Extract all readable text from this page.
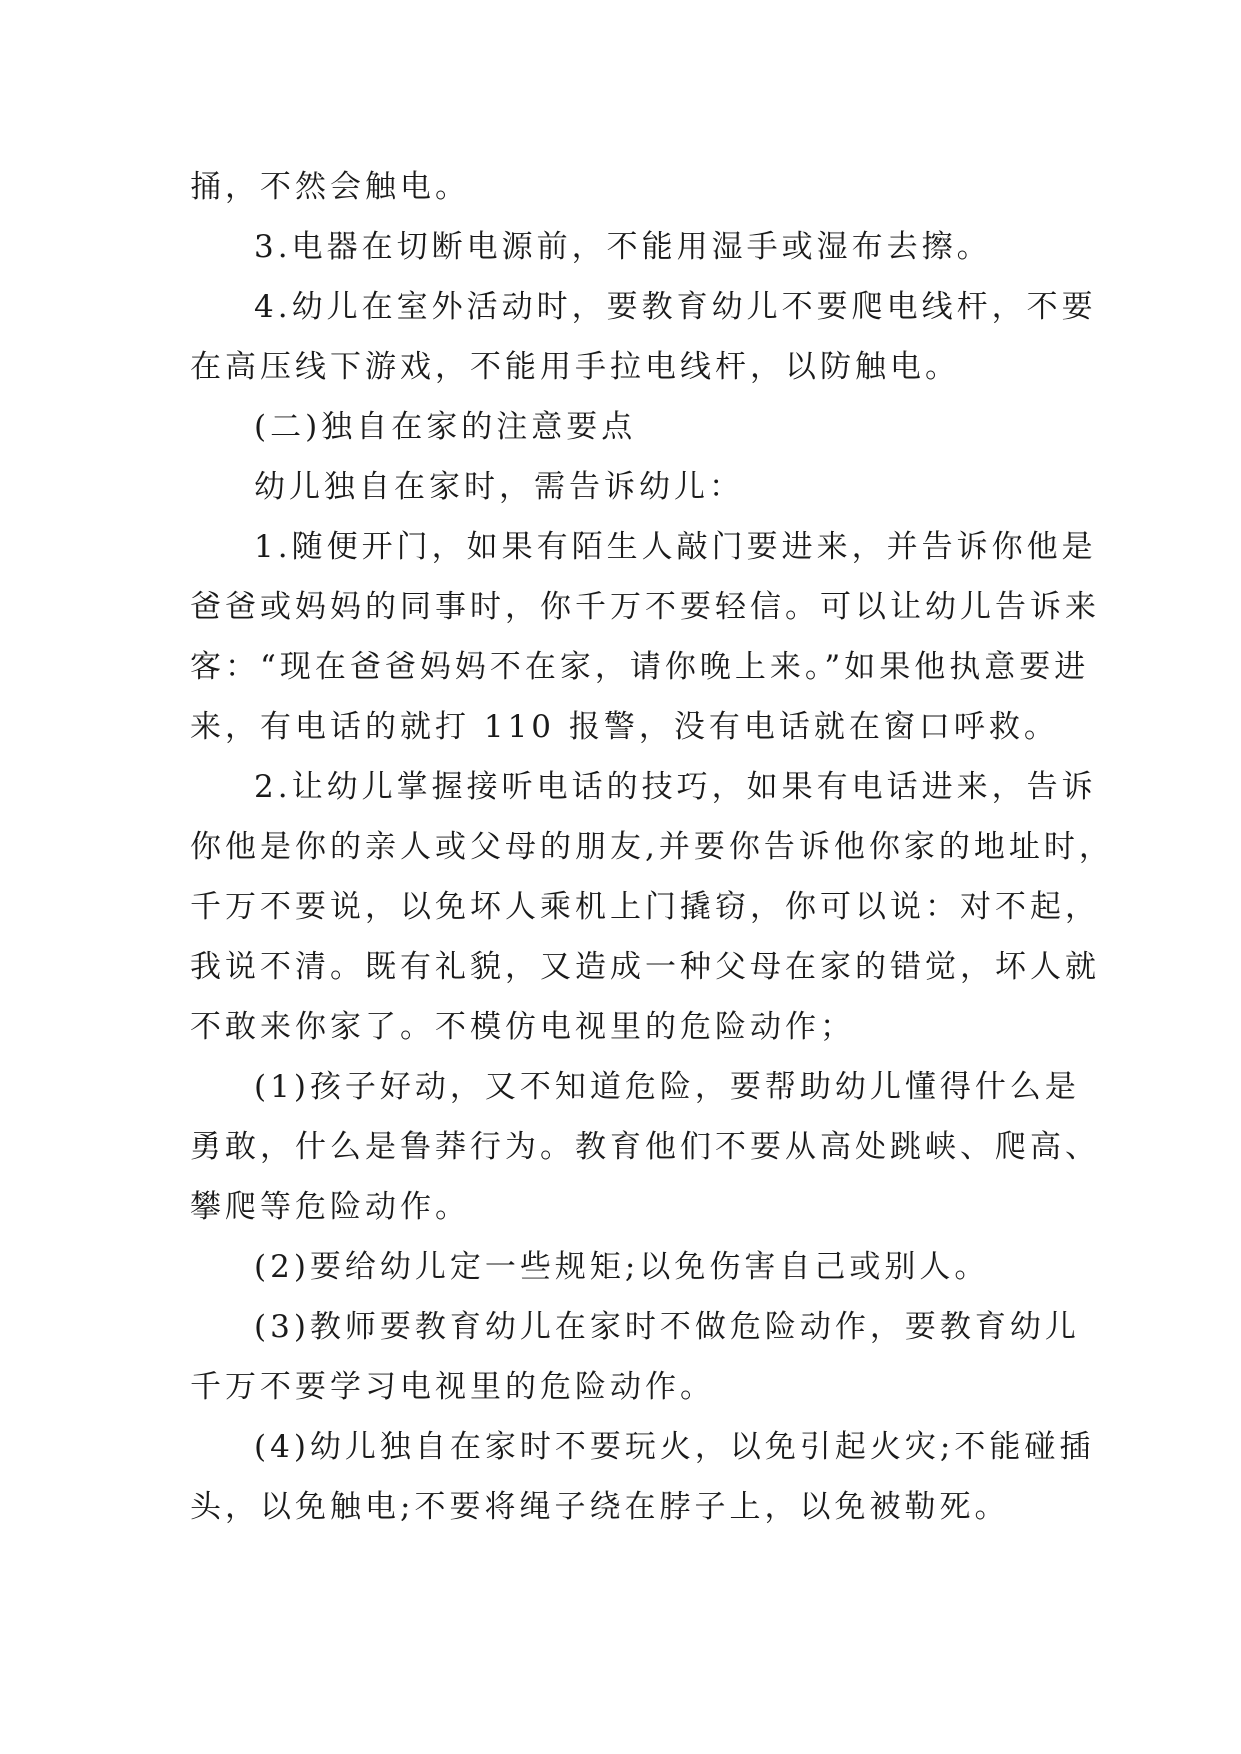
捅，不然会触电。

3.电器在切断电源前，不能用湿手或湿布去擦。

4.幼儿在室外活动时，要教育幼儿不要爬电线杆，不要
在高压线下游戏，不能用手拉电线杆，以防触电。

(二)独自在家的注意要点

幼儿独自在家时，需告诉幼儿：

1.随便开门，如果有陌生人敲门要进来，并告诉你他是
爸爸或妈妈的同事时，你千万不要轻信。可以让幼儿告诉来
客：“现在爸爸妈妈不在家，请你晚上来。”如果他执意要进
来，有电话的就打 110 报警，没有电话就在窗口呼救。

2.让幼儿掌握接听电话的技巧，如果有电话进来，告诉
你他是你的亲人或父母的朋友,并要你告诉他你家的地址时，
千万不要说，以免坏人乘机上门撬窃，你可以说：对不起，
我说不清。既有礼貌，又造成一种父母在家的错觉，坏人就
不敢来你家了。不模仿电视里的危险动作；

(1)孩子好动，又不知道危险，要帮助幼儿懂得什么是
勇敢，什么是鲁莽行为。教育他们不要从高处跳峡、爬高、
攀爬等危险动作。

(2)要给幼儿定一些规矩;以免伤害自己或别人。

(3)教师要教育幼儿在家时不做危险动作，要教育幼儿
千万不要学习电视里的危险动作。

(4)幼儿独自在家时不要玩火，以免引起火灾;不能碰插
头，以免触电;不要将绳子绕在脖子上，以免被勒死。
